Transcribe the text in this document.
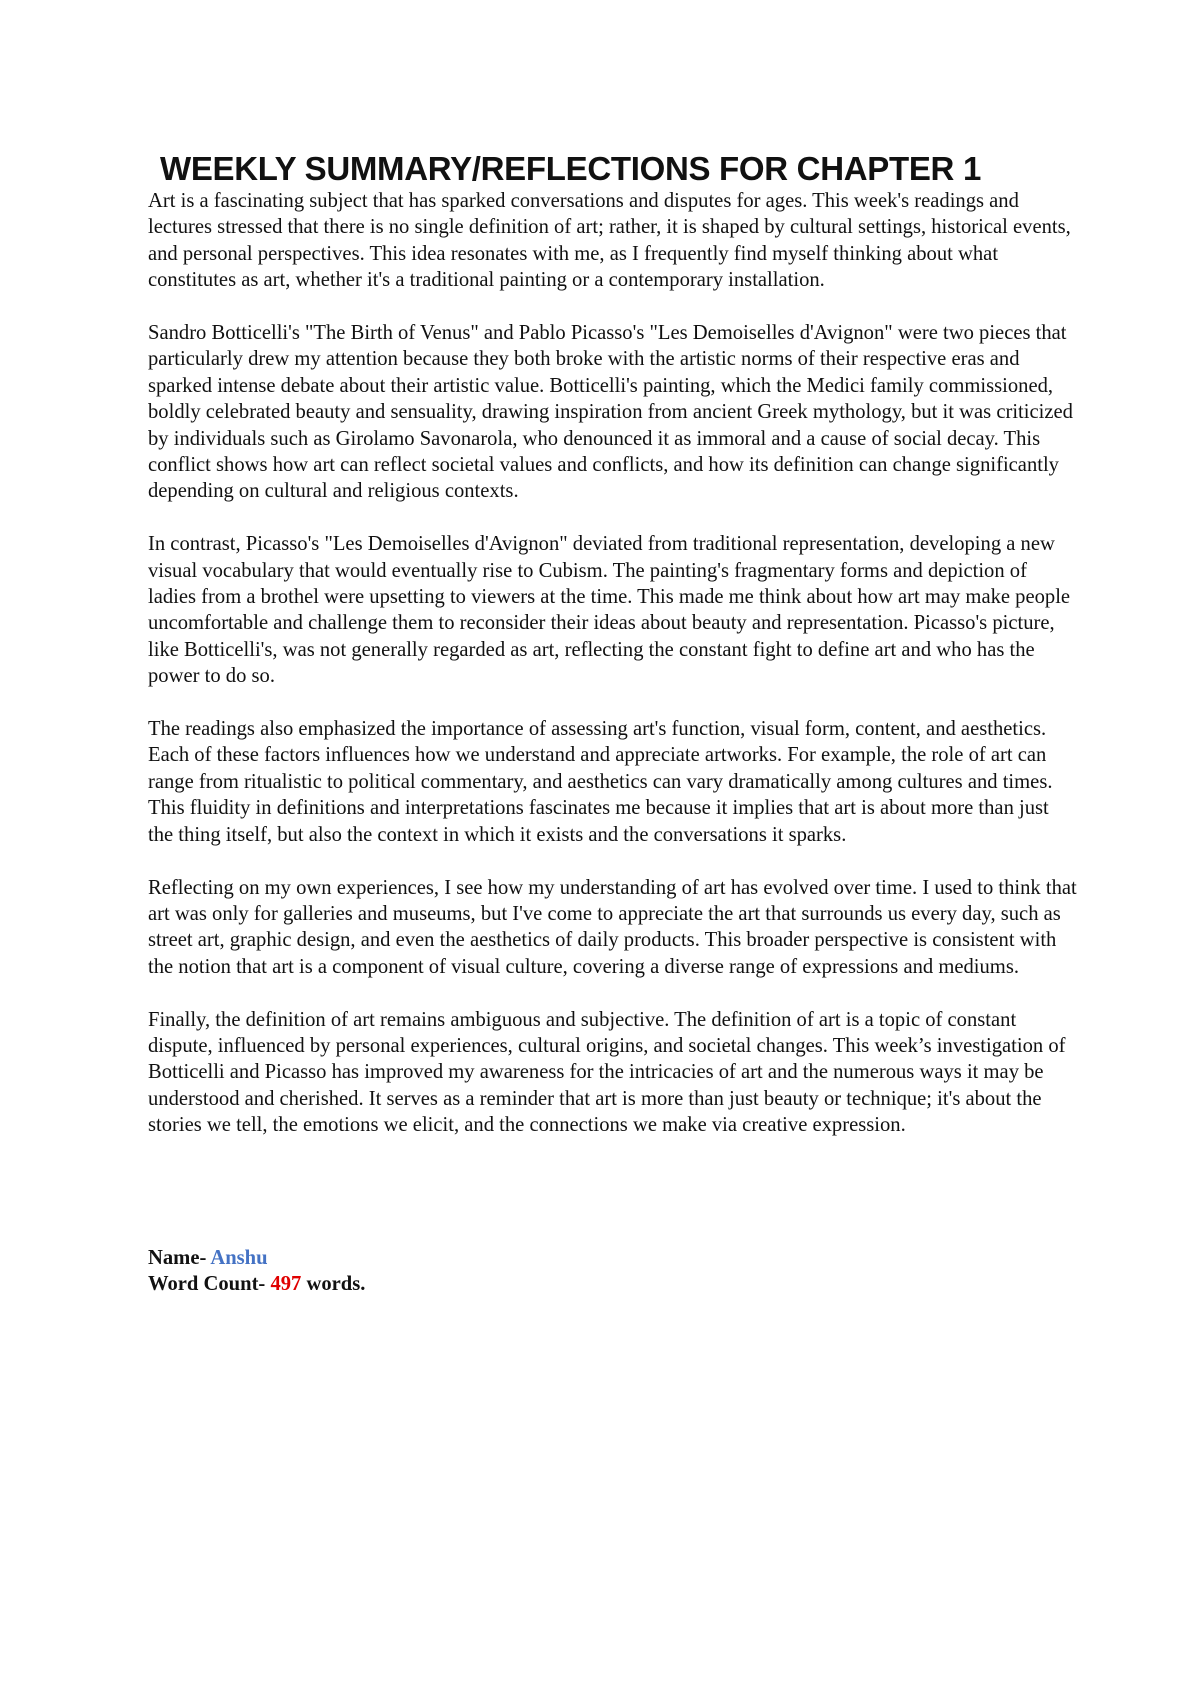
WEEKLY SUMMARY/REFLECTIONS FOR CHAPTER 1

Art is a fascinating subject that has sparked conversations and disputes for ages. This week's readings and lectures stressed that there is no single definition of art; rather, it is shaped by cultural settings, historical events, and personal perspectives. This idea resonates with me, as I frequently find myself thinking about what constitutes as art, whether it's a traditional painting or a contemporary installation.

Sandro Botticelli's "The Birth of Venus" and Pablo Picasso's "Les Demoiselles d'Avignon" were two pieces that particularly drew my attention because they both broke with the artistic norms of their respective eras and sparked intense debate about their artistic value. Botticelli's painting, which the Medici family commissioned, boldly celebrated beauty and sensuality, drawing inspiration from ancient Greek mythology, but it was criticized by individuals such as Girolamo Savonarola, who denounced it as immoral and a cause of social decay. This conflict shows how art can reflect societal values and conflicts, and how its definition can change significantly depending on cultural and religious contexts.

In contrast, Picasso's "Les Demoiselles d'Avignon" deviated from traditional representation, developing a new visual vocabulary that would eventually rise to Cubism. The painting's fragmentary forms and depiction of ladies from a brothel were upsetting to viewers at the time. This made me think about how art may make people uncomfortable and challenge them to reconsider their ideas about beauty and representation. Picasso's picture, like Botticelli's, was not generally regarded as art, reflecting the constant fight to define art and who has the power to do so.

The readings also emphasized the importance of assessing art's function, visual form, content, and aesthetics. Each of these factors influences how we understand and appreciate artworks. For example, the role of art can range from ritualistic to political commentary, and aesthetics can vary dramatically among cultures and times. This fluidity in definitions and interpretations fascinates me because it implies that art is about more than just the thing itself, but also the context in which it exists and the conversations it sparks.

Reflecting on my own experiences, I see how my understanding of art has evolved over time. I used to think that art was only for galleries and museums, but I've come to appreciate the art that surrounds us every day, such as street art, graphic design, and even the aesthetics of daily products. This broader perspective is consistent with the notion that art is a component of visual culture, covering a diverse range of expressions and mediums.

Finally, the definition of art remains ambiguous and subjective. The definition of art is a topic of constant dispute, influenced by personal experiences, cultural origins, and societal changes. This week’s investigation of Botticelli and Picasso has improved my awareness for the intricacies of art and the numerous ways it may be understood and cherished. It serves as a reminder that art is more than just beauty or technique; it's about the stories we tell, the emotions we elicit, and the connections we make via creative expression.

Name- Anshu

Word Count- 497 words.
